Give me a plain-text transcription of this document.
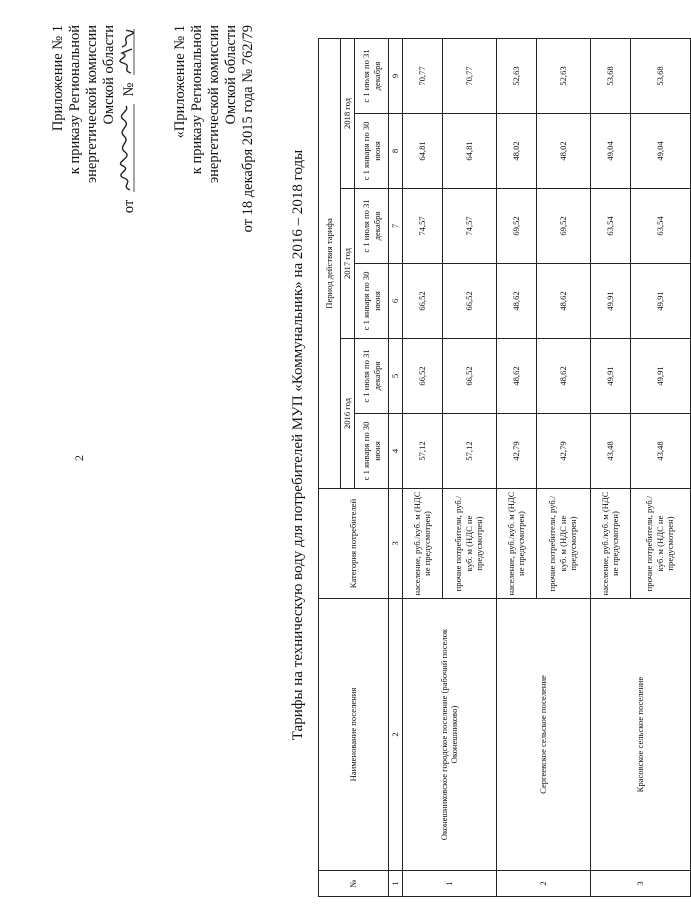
2
Приложение № 1 к приказу Региональной энергетической комиссии Омской области
от  № «Приложение № 1 к приказу Региональной энергетической комиссии Омской области от 18 декабря 2015 года № 762/79
Тарифы на техническую воду для потребителей МУП «Коммунальник» на 2016 – 2018 годы
№	Наименование поселения	Категория потребителей	Период действия тарифа					
			2016 год		2017 год		2018 год	
			с 1 января по 30 июня	с 1 июля по 31 декабря	с 1 января по 30 июня	с 1 июля по 31 декабря	с 1 января по 30 июня	с 1 июля по 31 декабря
1	2	3	4	5	6	7	8	9
1	Оконешниковское городское поселение (рабочий поселок Оконешниково)	население, руб./куб. м (НДС не предусмотрен)	57,12	66,52	66,52	74,57	64,81	70,77
		прочие потребители, руб./куб. м (НДС не предусмотрен)	57,12	66,52	66,52	74,57	64,81	70,77
2	Сергеевское сельское поселение	население, руб./куб. м (НДС не предусмотрен)	42,79	48,62	48,62	69,52	48,02	52,63
		прочие потребители, руб./куб. м (НДС не предусмотрен)	42,79	48,62	48,62	69,52	48,02	52,63
3	Красовское сельское поселение	население, руб./куб. м (НДС не предусмотрен)	43,48	49,91	49,91	63,54	49,04	53,68
		прочие потребители, руб./куб. м (НДС не предусмотрен)	43,48	49,91	49,91	63,54	49,04	53,68
